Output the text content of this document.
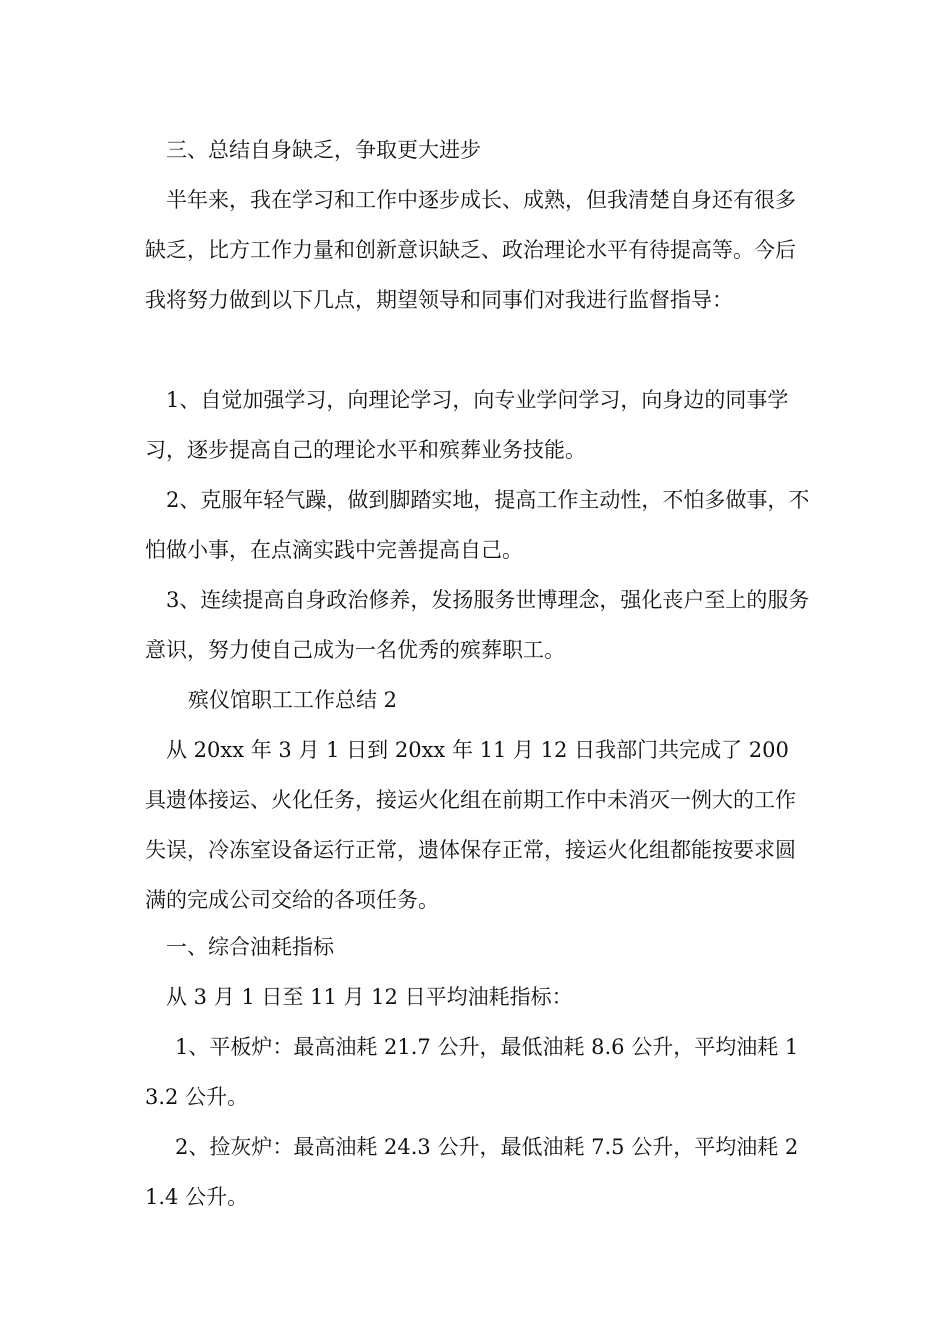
三、总结自身缺乏，争取更大进步

半年来，我在学习和工作中逐步成长、成熟，但我清楚自身还有很多缺乏，比方工作力量和创新意识缺乏、政治理论水平有待提高等。今后我将努力做到以下几点，期望领导和同事们对我进行监督指导：

1、自觉加强学习，向理论学习，向专业学问学习，向身边的同事学习，逐步提高自己的理论水平和殡葬业务技能。

2、克服年轻气躁，做到脚踏实地，提高工作主动性，不怕多做事，不怕做小事，在点滴实践中完善提高自己。

3、连续提高自身政治修养，发扬服务世博理念，强化丧户至上的服务意识，努力使自己成为一名优秀的殡葬职工。

殡仪馆职工工作总结 2

从 20xx 年 3 月 1 日到 20xx 年 11 月 12 日我部门共完成了 200 具遗体接运、火化任务，接运火化组在前期工作中未消灭一例大的工作失误，冷冻室设备运行正常，遗体保存正常，接运火化组都能按要求圆满的完成公司交给的各项任务。

一、综合油耗指标

从 3 月 1 日至 11 月 12 日平均油耗指标：

1、平板炉：最高油耗 21.7 公升，最低油耗 8.6 公升，平均油耗 13.2 公升。

2、捡灰炉：最高油耗 24.3 公升，最低油耗 7.5 公升，平均油耗 21.4 公升。
